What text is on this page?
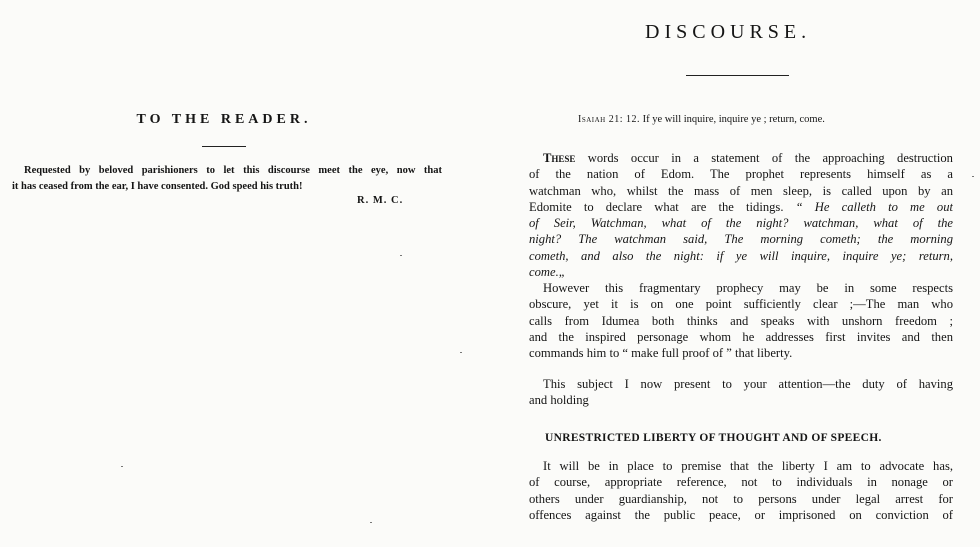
TO THE READER.
Requested by beloved parishioners to let this discourse meet the eye, now that
it has ceased from the ear, I have consented. God speed his truth!
R. M. C.
DISCOURSE.
Isaiah 21: 12. If ye will inquire, inquire ye ; return, come.
These words occur in a statement of the approaching destruction
of the nation of Edom. The prophet represents himself as a
watchman who, whilst the mass of men sleep, is called upon by an
Edomite to declare what are the tidings. “ He calleth to me out
of Seir, Watchman, what of the night? watchman, what of the
night? The watchman said, The morning cometh; the morning
cometh, and also the night: if ye will inquire, inquire ye; return,
come.„
However this fragmentary prophecy may be in some respects
obscure, yet it is on one point sufficiently clear ;—The man who
calls from Idumea both thinks and speaks with unshorn freedom ;
and the inspired personage whom he addresses first invites and then
commands him to “ make full proof of ” that liberty.
This subject I now present to your attention—the duty of having
and holding
UNRESTRICTED LIBERTY OF THOUGHT AND OF SPEECH.
It will be in place to premise that the liberty I am to advocate has,
of course, appropriate reference, not to individuals in nonage or
others under guardianship, not to persons under legal arrest for
offences against the public peace, or imprisoned on conviction of
